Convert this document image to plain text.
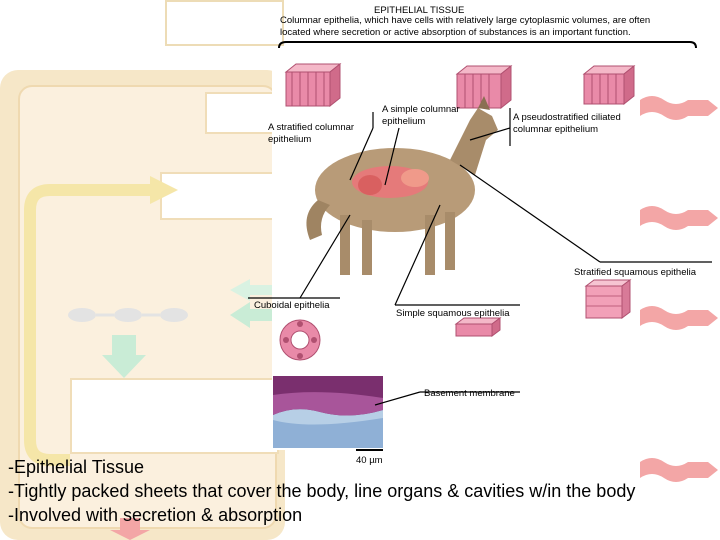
EPITHELIAL TISSUE
Columnar epithelia, which have cells with relatively large cytoplasmic volumes, are often located where secretion or active absorption of substances is an important function.
A stratified columnar epithelium
A simple columnar epithelium	A pseudostratified ciliated columnar epithelium
Stratified squamous epithelia
Cuboidal epithelia
Simple squamous epithelia
Basement membrane
40 µm
-Epithelial Tissue
-Tightly packed sheets that cover the body, line organs & cavities w/in the body
-Involved with secretion & absorption
